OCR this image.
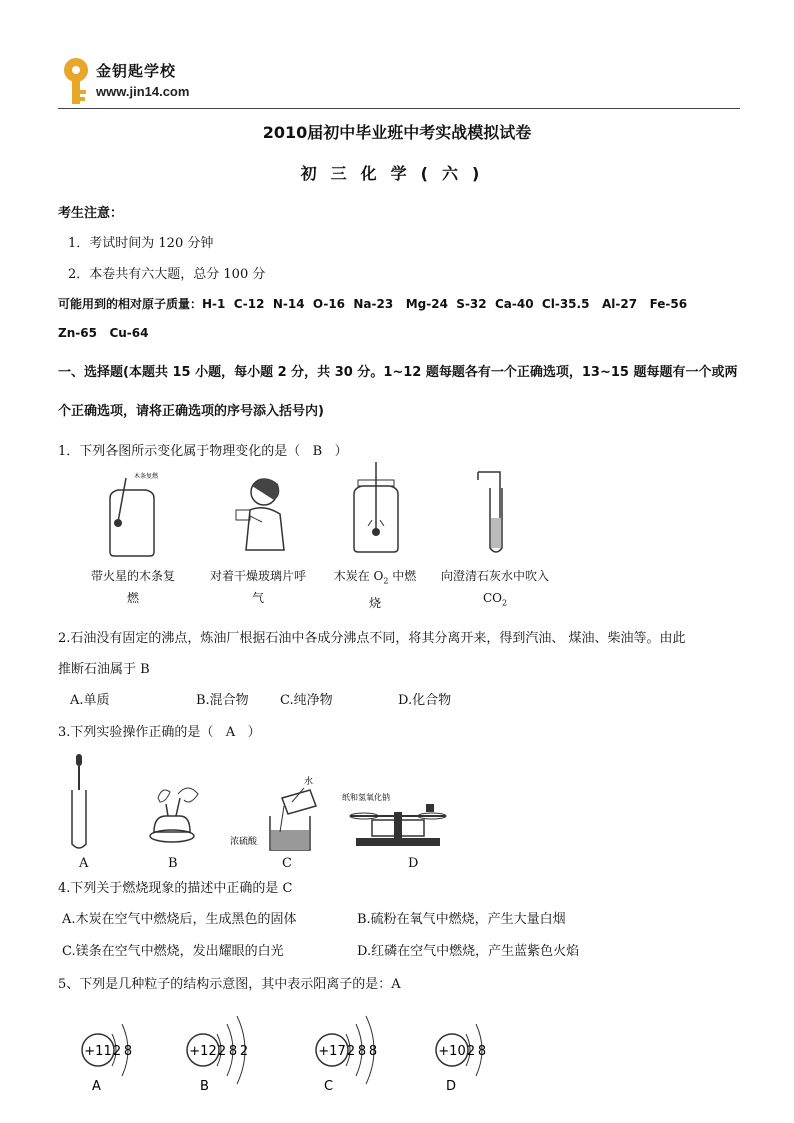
金钥匙学校
www.jin14.com
2010届初中毕业班中考实战模拟试卷
初三化学(六)
考生注意：
1．考试时间为 120 分钟
2．本卷共有六大题，总分 100 分
可能用到的相对原子质量：H-1  C-12  N-14  O-16  Na-23   Mg-24  S-32  Ca-40  Cl-35.5   Al-27   Fe-56
Zn-65   Cu-64
一、选择题(本题共 15 小题，每小题 2 分，共 30 分。1~12 题每题各有一个正确选项，13~15 题每题有一个或两
个正确选项，请将正确选项的序号添入括号内)
1．下列各图所示变化属于物理变化的是（   B   ）
木条复燃
带火星的木条复
燃
对着干燥玻璃片呼
气
木炭在 $O_2$ 中燃
烧
向澄清石灰水中吹入
$CO_2$
2.石油没有固定的沸点，炼油厂根据石油中各成分沸点不同，将其分离开来，得到汽油、 煤油、柴油等。由此
推断石油属于 B
A.单质	B.混合物 C.纯净物	D.化合物
3.下列实验操作正确的是（   A   ）
水
浓硫酸
纸和氢氧化钠
A	B	C	D
4.下列关于燃烧现象的描述中正确的是 C
A.木炭在空气中燃烧后，生成黑色的固体	B.硫粉在氧气中燃烧，产生大量白烟
C.镁条在空气中燃烧，发出耀眼的白光	D.红磷在空气中燃烧，产生蓝紫色火焰
5、下列是几种粒子的结构示意图，其中表示阳离子的是：A
+11 2 8
A
+12 2 8 2
B
+17 2 8 8
C
+10 2 8
D
